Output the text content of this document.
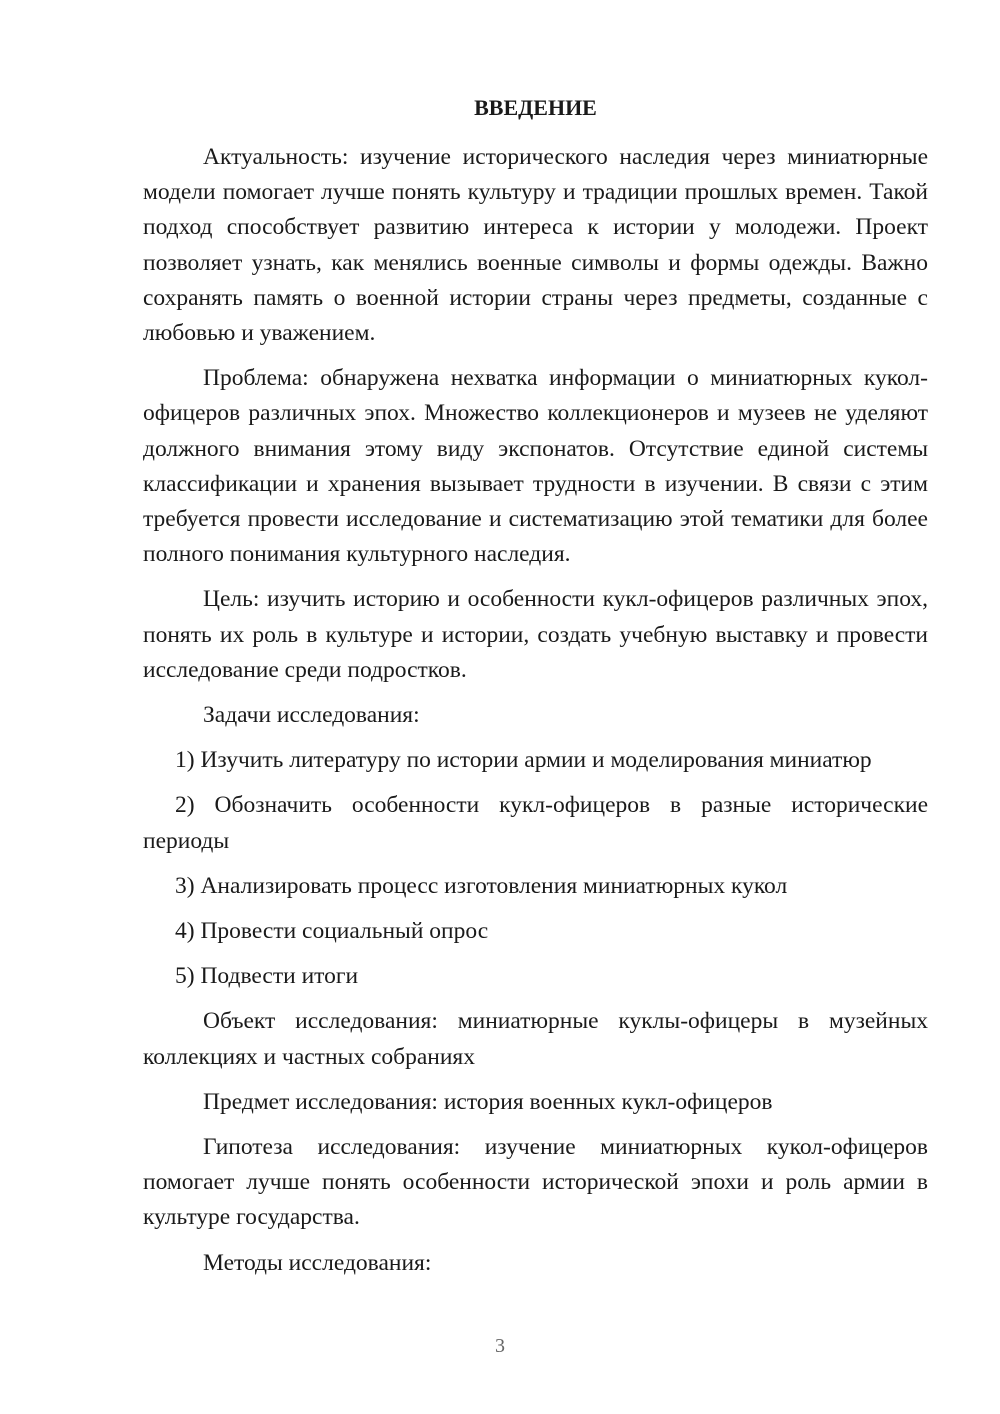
ВВЕДЕНИЕ

Актуальность: изучение исторического наследия через миниатюрные модели помогает лучше понять культуру и традиции прошлых времен. Такой подход способствует развитию интереса к истории у молодежи. Проект позволяет узнать, как менялись военные символы и формы одежды. Важно сохранять память о военной истории страны через предметы, созданные с любовью и уважением.

Проблема: обнаружена нехватка информации о миниатюрных кукол-офицеров различных эпох. Множество коллекционеров и музеев не уделяют должного внимания этому виду экспонатов. Отсутствие единой системы классификации и хранения вызывает трудности в изучении. В связи с этим требуется провести исследование и систематизацию этой тематики для более полного понимания культурного наследия.

Цель: изучить историю и особенности кукл-офицеров различных эпох, понять их роль в культуре и истории, создать учебную выставку и провести исследование среди подростков.

Задачи исследования:

1) Изучить литературу по истории армии и моделирования миниатюр

2) Обозначить особенности кукл-офицеров в разные исторические периоды

3) Анализировать процесс изготовления миниатюрных кукол

4) Провести социальный опрос

5) Подвести итоги

Объект исследования: миниатюрные куклы-офицеры в музейных коллекциях и частных собраниях

Предмет исследования: история военных кукл-офицеров

Гипотеза исследования: изучение миниатюрных кукол-офицеров помогает лучше понять особенности исторической эпохи и роль армии в культуре государства.

Методы исследования:

3
